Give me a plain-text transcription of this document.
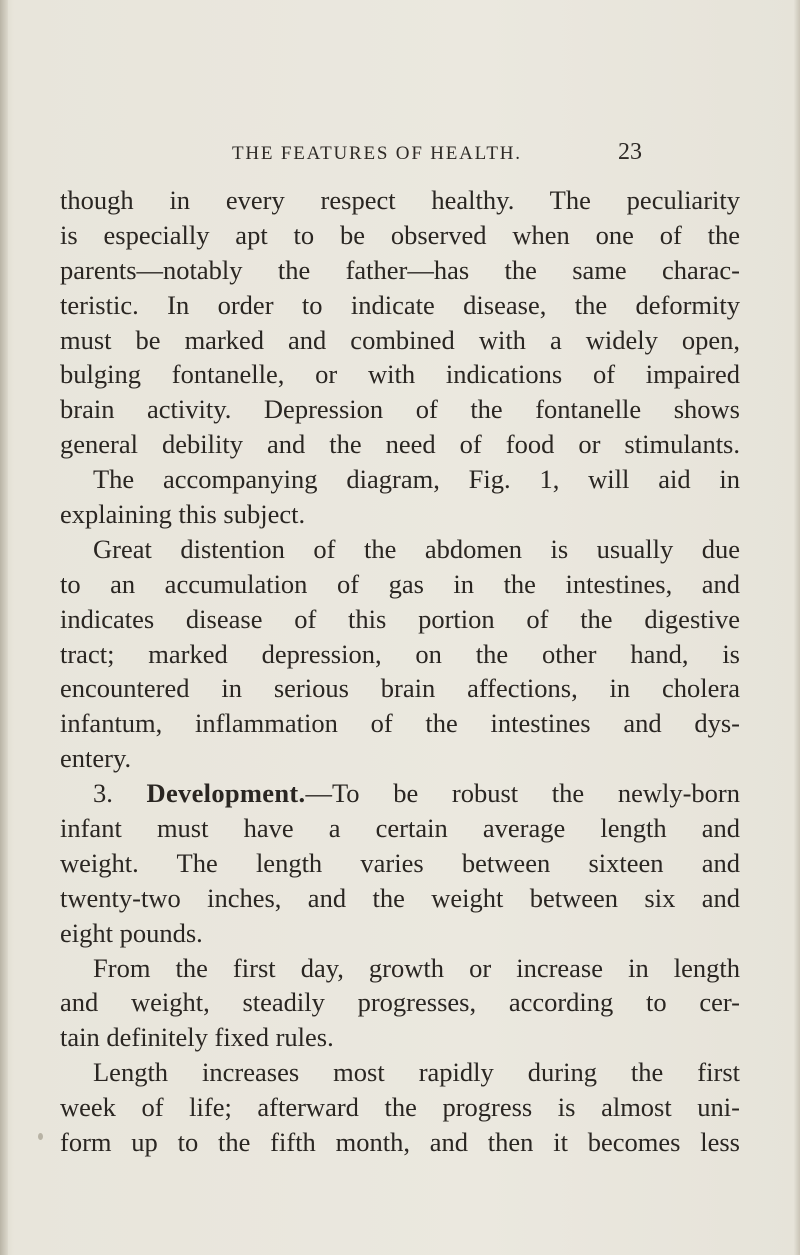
THE FEATURES OF HEALTH.	23
though in every respect healthy. The peculiarity
is especially apt to be observed when one of the
parents—notably the father—has the same charac-
teristic. In order to indicate disease, the deformity
must be marked and combined with a widely open,
bulging fontanelle, or with indications of impaired
brain activity. Depression of the fontanelle shows
general debility and the need of food or stimulants.
The accompanying diagram, Fig. 1, will aid in
explaining this subject.
Great distention of the abdomen is usually due
to an accumulation of gas in the intestines, and
indicates disease of this portion of the digestive
tract; marked depression, on the other hand, is
encountered in serious brain affections, in cholera
infantum, inflammation of the intestines and dys-
entery.
3. Development.—To be robust the newly-born
infant must have a certain average length and
weight. The length varies between sixteen and
twenty-two inches, and the weight between six and
eight pounds.
From the first day, growth or increase in length
and weight, steadily progresses, according to cer-
tain definitely fixed rules.
Length increases most rapidly during the first
week of life; afterward the progress is almost uni-
form up to the fifth month, and then it becomes less
